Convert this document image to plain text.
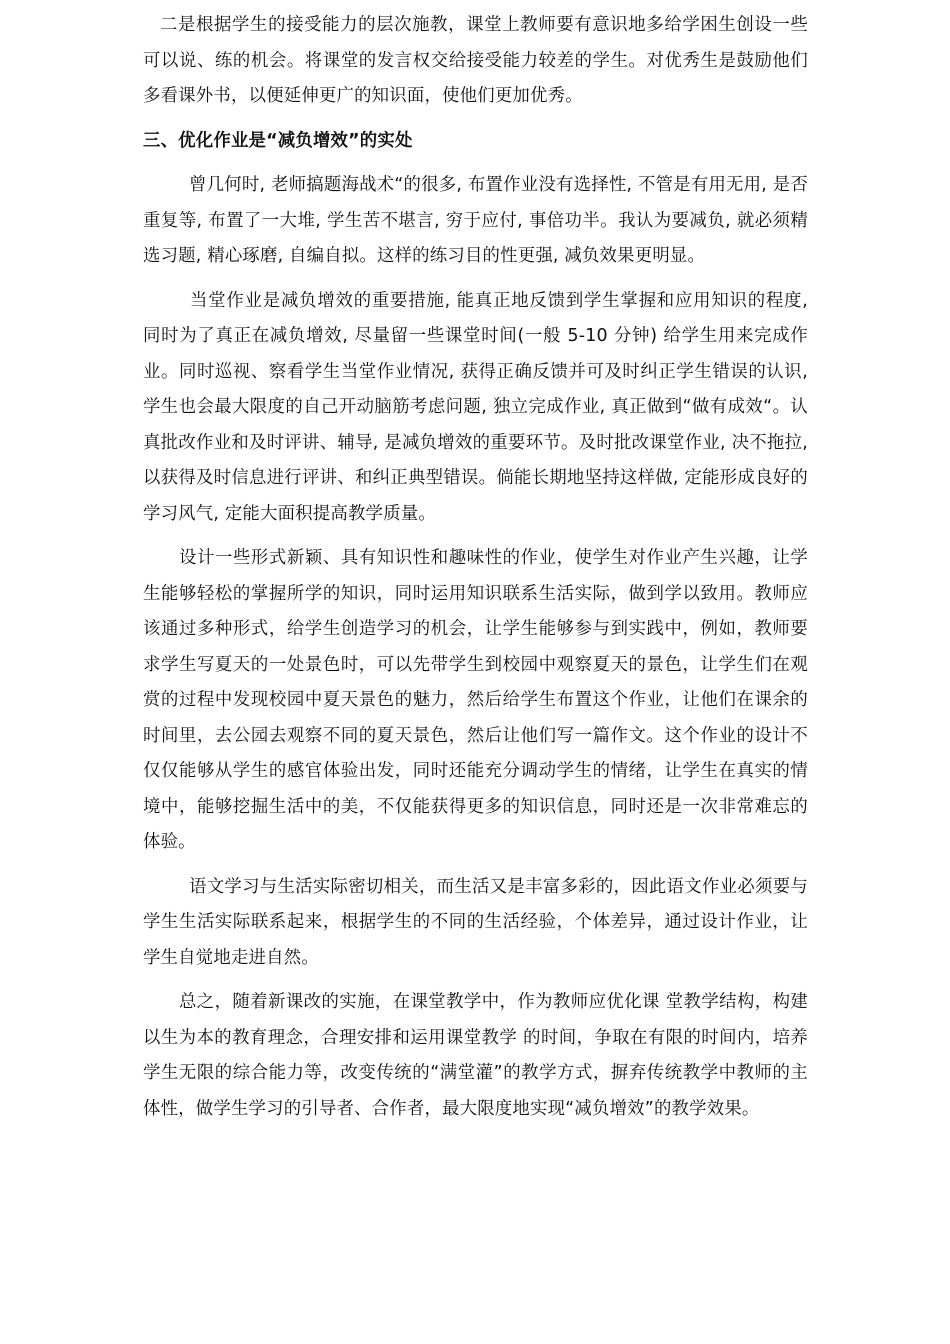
二是根据学生的接受能力的层次施教，课堂上教师要有意识地多给学困生创设一些可以说、练的机会。将课堂的发言权交给接受能力较差的学生。对优秀生是鼓励他们多看课外书，以便延伸更广的知识面，使他们更加优秀。

三、优化作业是“减负增效”的实处

曾几何时, 老师搞题海战术“的很多, 布置作业没有选择性, 不管是有用无用, 是否重复等, 布置了一大堆, 学生苦不堪言, 穷于应付, 事倍功半。我认为要减负, 就必须精选习题, 精心琢磨, 自编自拟。这样的练习目的性更强, 减负效果更明显。

当堂作业是减负增效的重要措施, 能真正地反馈到学生掌握和应用知识的程度, 同时为了真正在减负增效, 尽量留一些课堂时间(一般 5-10 分钟) 给学生用来完成作业。同时巡视、察看学生当堂作业情况, 获得正确反馈并可及时纠正学生错误的认识, 学生也会最大限度的自己开动脑筋考虑问题, 独立完成作业, 真正做到“做有成效“。认真批改作业和及时评讲、辅导, 是减负增效的重要环节。及时批改课堂作业, 决不拖拉, 以获得及时信息进行评讲、和纠正典型错误。倘能长期地坚持这样做, 定能形成良好的学习风气, 定能大面积提高教学质量。

设计一些形式新颖、具有知识性和趣味性的作业，使学生对作业产生兴趣，让学生能够轻松的掌握所学的知识，同时运用知识联系生活实际，做到学以致用。教师应该通过多种形式，给学生创造学习的机会，让学生能够参与到实践中，例如，教师要求学生写夏天的一处景色时，可以先带学生到校园中观察夏天的景色，让学生们在观赏的过程中发现校园中夏天景色的魅力，然后给学生布置这个作业，让他们在课余的时间里，去公园去观察不同的夏天景色，然后让他们写一篇作文。这个作业的设计不仅仅能够从学生的感官体验出发，同时还能充分调动学生的情绪，让学生在真实的情境中，能够挖掘生活中的美，不仅能获得更多的知识信息，同时还是一次非常难忘的体验。

语文学习与生活实际密切相关，而生活又是丰富多彩的，因此语文作业必须要与学生生活实际联系起来，根据学生的不同的生活经验，个体差异，通过设计作业，让学生自觉地走进自然。

总之，随着新课改的实施，在课堂教学中，作为教师应优化课 堂教学结构，构建以生为本的教育理念，合理安排和运用课堂教学 的时间，争取在有限的时间内，培养学生无限的综合能力等，改变传统的“满堂灌”的教学方式，摒弃传统教学中教师的主体性，做学生学习的引导者、合作者，最大限度地实现“减负增效”的教学效果。
